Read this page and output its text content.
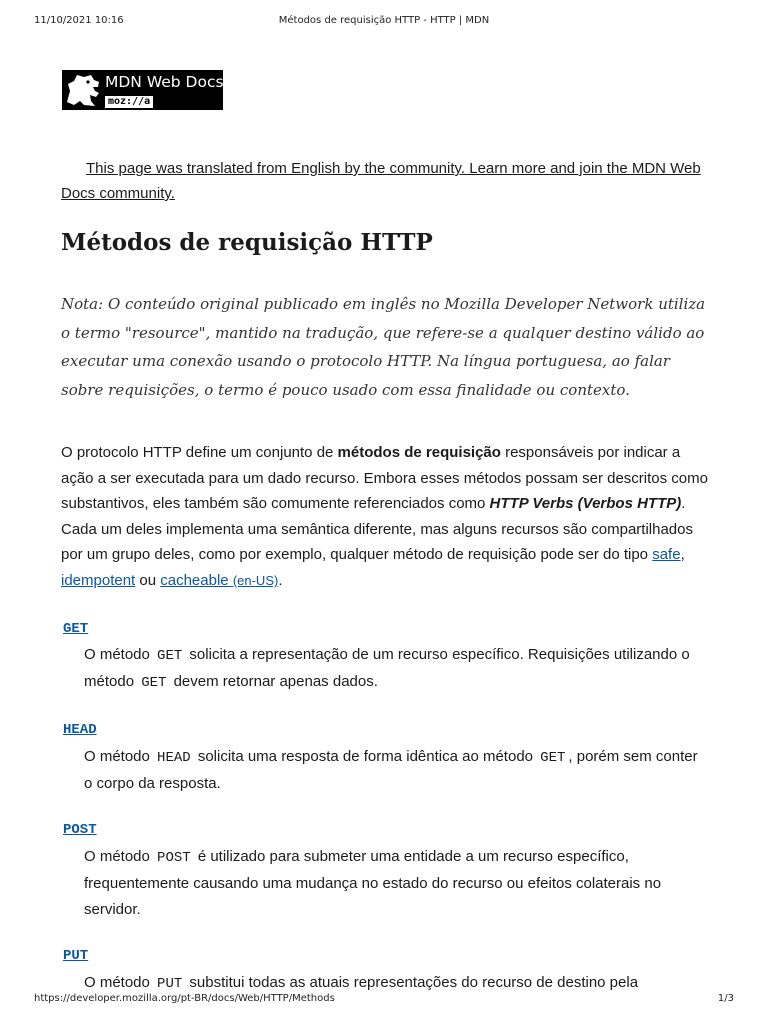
11/10/2021 10:16	Métodos de requisição HTTP - HTTP | MDN
MDN Web Docs
moz://a
This page was translated from English by the community. Learn more and join the MDN Web Docs community.
Métodos de requisição HTTP

Nota: O conteúdo original publicado em inglês no Mozilla Developer Network utiliza o termo "resource", mantido na tradução, que refere-se a qualquer destino válido ao executar uma conexão usando o protocolo HTTP. Na língua portuguesa, ao falar sobre requisições, o termo é pouco usado com essa finalidade ou contexto.

O protocolo HTTP define um conjunto de métodos de requisição responsáveis por indicar a ação a ser executada para um dado recurso. Embora esses métodos possam ser descritos como substantivos, eles também são comumente referenciados como HTTP Verbs (Verbos HTTP). Cada um deles implementa uma semântica diferente, mas alguns recursos são compartilhados por um grupo deles, como por exemplo, qualquer método de requisição pode ser do tipo safe, idempotent ou cacheable (en-US).

GET

O método GET solicita a representação de um recurso específico. Requisições utilizando o método GET devem retornar apenas dados.

HEAD

O método HEAD solicita uma resposta de forma idêntica ao método GET , porém sem conter o corpo da resposta.

POST

O método POST é utilizado para submeter uma entidade a um recurso específico, frequentemente causando uma mudança no estado do recurso ou efeitos colaterais no servidor.

PUT

O método PUT substitui todas as atuais representações do recurso de destino pela

https://developer.mozilla.org/pt-BR/docs/Web/HTTP/Methods	1/3
